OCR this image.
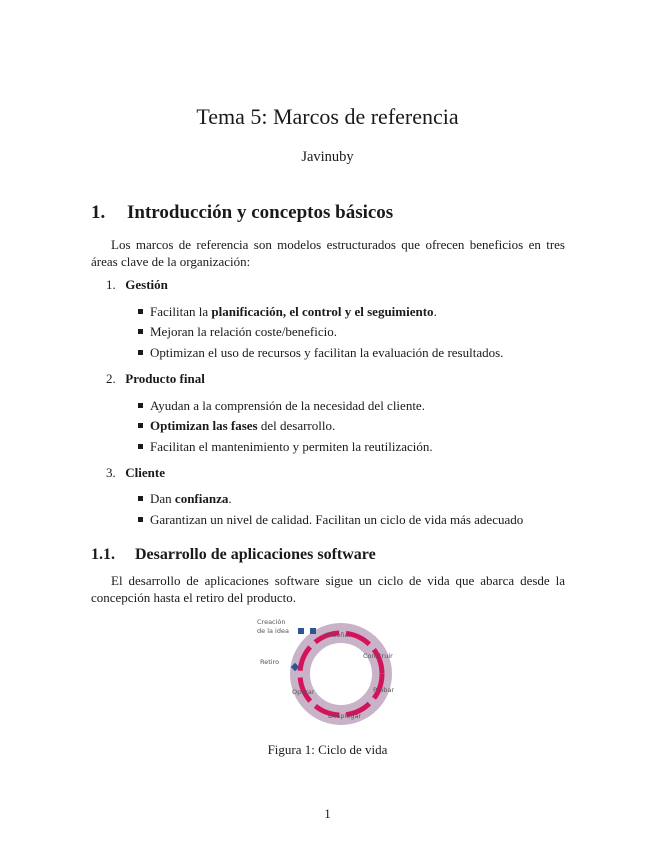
Tema 5: Marcos de referencia
Javinuby
1. Introducción y conceptos básicos
Los marcos de referencia son modelos estructurados que ofrecen beneficios en tres áreas clave de la organización:
1. Gestión
Facilitan la planificación, el control y el seguimiento.
Mejoran la relación coste/beneficio.
Optimizan el uso de recursos y facilitan la evaluación de resultados.
2. Producto final
Ayudan a la comprensión de la necesidad del cliente.
Optimizan las fases del desarrollo.
Facilitan el mantenimiento y permiten la reutilización.
3. Cliente
Dan confianza.
Garantizan un nivel de calidad. Facilitan un ciclo de vida más adecuado
1.1. Desarrollo de aplicaciones software
El desarrollo de aplicaciones software sigue un ciclo de vida que abarca desde la concepción hasta el retiro del producto.
Creación
de la idea
Retiro
Diseñar
Construir
Probar
Desplegar
Operar
Figura 1: Ciclo de vida
1
